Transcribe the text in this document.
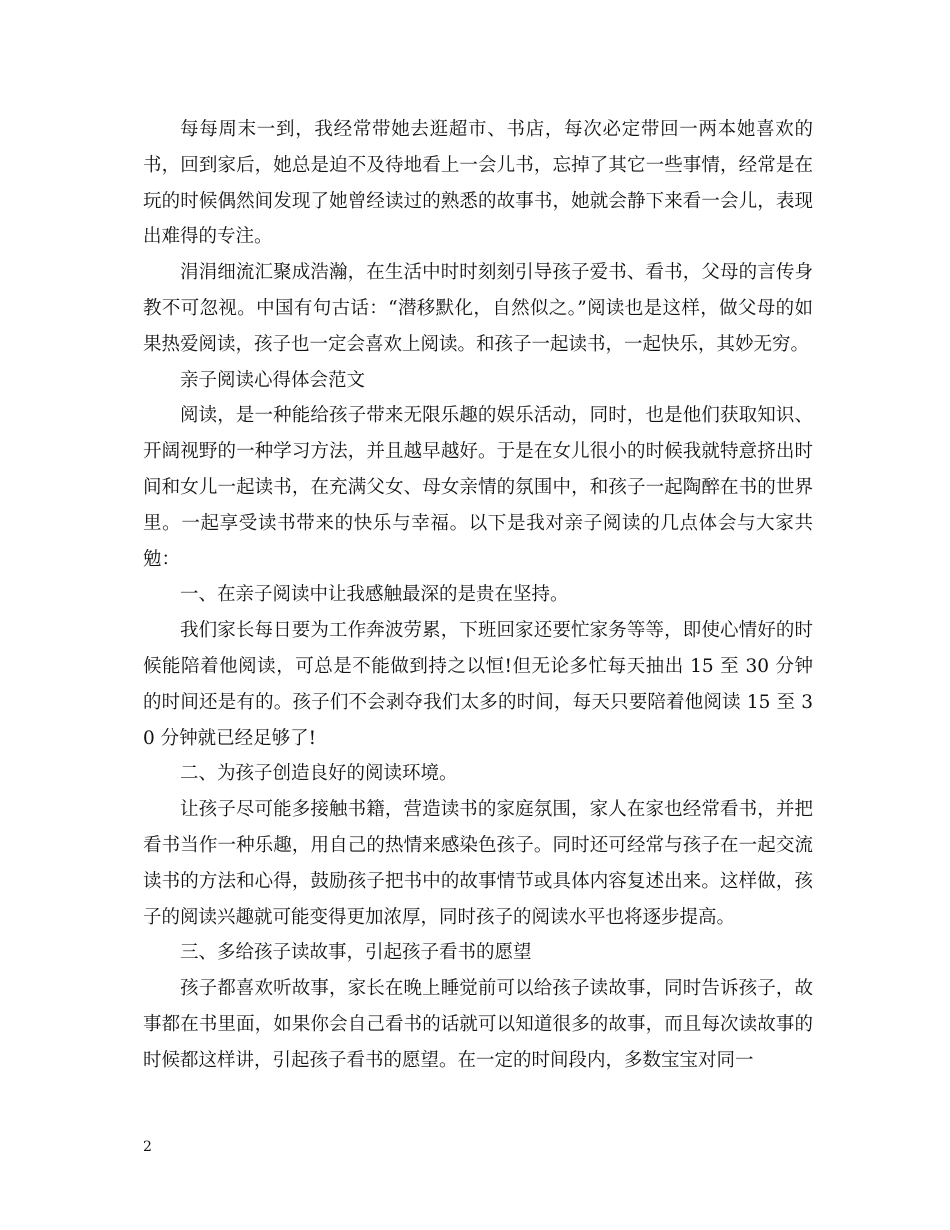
每每周末一到，我经常带她去逛超市、书店，每次必定带回一两本她喜欢的书，回到家后，她总是迫不及待地看上一会儿书，忘掉了其它一些事情，经常是在玩的时候偶然间发现了她曾经读过的熟悉的故事书，她就会静下来看一会儿，表现出难得的专注。

涓涓细流汇聚成浩瀚，在生活中时时刻刻引导孩子爱书、看书，父母的言传身教不可忽视。中国有句古话：“潜移默化，自然似之。”阅读也是这样，做父母的如果热爱阅读，孩子也一定会喜欢上阅读。和孩子一起读书，一起快乐，其妙无穷。

亲子阅读心得体会范文

阅读，是一种能给孩子带来无限乐趣的娱乐活动，同时，也是他们获取知识、开阔视野的一种学习方法，并且越早越好。于是在女儿很小的时候我就特意挤出时间和女儿一起读书，在充满父女、母女亲情的氛围中，和孩子一起陶醉在书的世界里。一起享受读书带来的快乐与幸福。以下是我对亲子阅读的几点体会与大家共勉：

一、在亲子阅读中让我感触最深的是贵在坚持。

我们家长每日要为工作奔波劳累，下班回家还要忙家务等等，即使心情好的时候能陪着他阅读，可总是不能做到持之以恒!但无论多忙每天抽出 15 至 30 分钟的时间还是有的。孩子们不会剥夺我们太多的时间，每天只要陪着他阅读 15 至 30 分钟就已经足够了!

二、为孩子创造良好的阅读环境。

让孩子尽可能多接触书籍，营造读书的家庭氛围，家人在家也经常看书，并把看书当作一种乐趣，用自己的热情来感染色孩子。同时还可经常与孩子在一起交流读书的方法和心得，鼓励孩子把书中的故事情节或具体内容复述出来。这样做，孩子的阅读兴趣就可能变得更加浓厚，同时孩子的阅读水平也将逐步提高。

三、多给孩子读故事，引起孩子看书的愿望

孩子都喜欢听故事，家长在晚上睡觉前可以给孩子读故事，同时告诉孩子，故事都在书里面，如果你会自己看书的话就可以知道很多的故事，而且每次读故事的时候都这样讲，引起孩子看书的愿望。在一定的时间段内，多数宝宝对同一

2
